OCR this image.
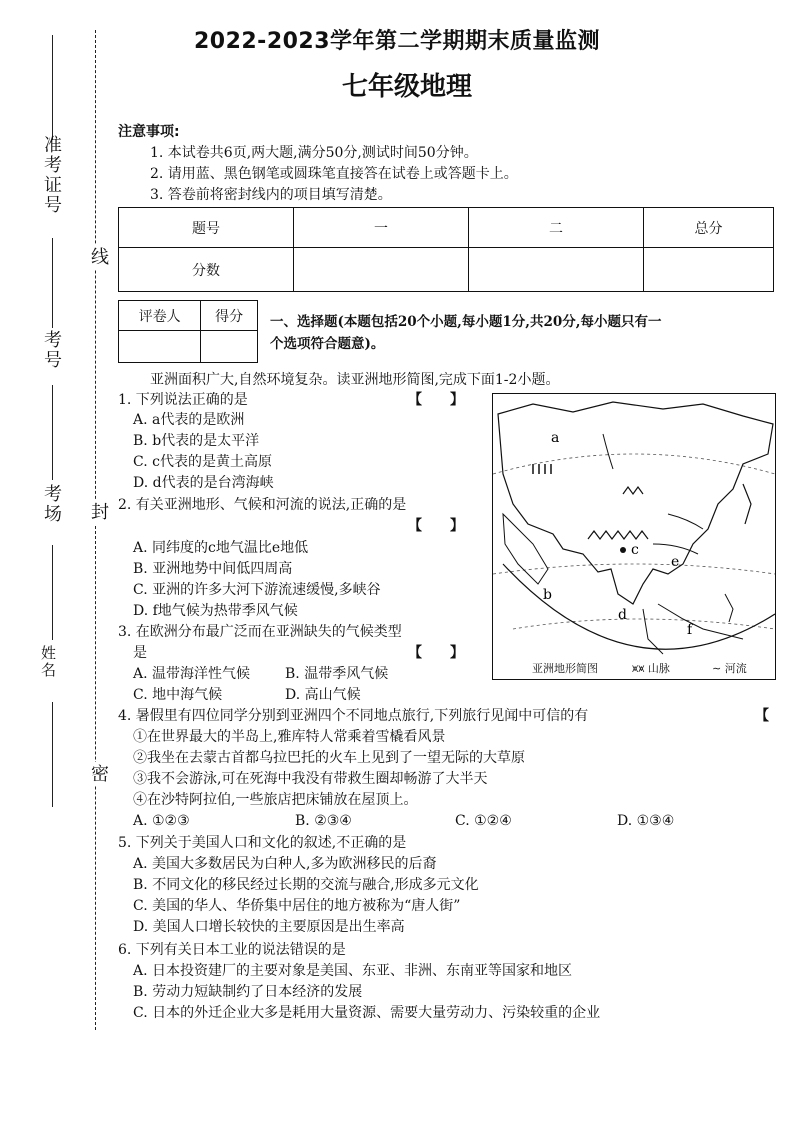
2022-2023学年第二学期期末质量监测
七年级地理
准考证号
考号
考场
姓名
线
封
密
注意事项:
1. 本试卷共6页,两大题,满分50分,测试时间50分钟。
2. 请用蓝、黑色钢笔或圆珠笔直接答在试卷上或答题卡上。
3. 答卷前将密封线内的项目填写清楚。
题号	一	二	总分
分数			
评卷人	得分
	一、选择题(本题包括20个小题,每小题1分,共20分,每小题只有一
个选项符合题意)。
亚洲面积广大,自然环境复杂。读亚洲地形简图,完成下面1-2小题。
1. 下列说法正确的是	【　　】
A. a代表的是欧洲
B. b代表的是太平洋
C. c代表的是黄土高原
D. d代表的是台湾海峡
2. 有关亚洲地形、气候和河流的说法,正确的是
【　　】
A. 同纬度的c地气温比e地低
B. 亚洲地势中间低四周高
C. 亚洲的许多大河下游流速缓慢,多峡谷
D. f地气候为热带季风气候
3. 在欧洲分布最广泛而在亚洲缺失的气候类型
是	【　　】
A. 温带海洋性气候 B. 温带季风气候
C. 地中海气候	D. 高山气候
a
b
c
d
e
f
亚洲地形简图	⩙⩙ 山脉	∼ 河流
4. 暑假里有四位同学分别到亚洲四个不同地点旅行,下列旅行见闻中可信的有	【
①在世界最大的半岛上,雅库特人常乘着雪橇看风景
②我坐在去蒙古首都乌拉巴托的火车上见到了一望无际的大草原
③我不会游泳,可在死海中我没有带救生圈却畅游了大半天
④在沙特阿拉伯,一些旅店把床铺放在屋顶上。
A. ①②③	B. ②③④	C. ①②④	D. ①③④
5. 下列关于美国人口和文化的叙述,不正确的是
A. 美国大多数居民为白种人,多为欧洲移民的后裔
B. 不同文化的移民经过长期的交流与融合,形成多元文化
C. 美国的华人、华侨集中居住的地方被称为“唐人街”
D. 美国人口增长较快的主要原因是出生率高
6. 下列有关日本工业的说法错误的是
A. 日本投资建厂的主要对象是美国、东亚、非洲、东南亚等国家和地区
B. 劳动力短缺制约了日本经济的发展
C. 日本的外迁企业大多是耗用大量资源、需要大量劳动力、污染较重的企业
